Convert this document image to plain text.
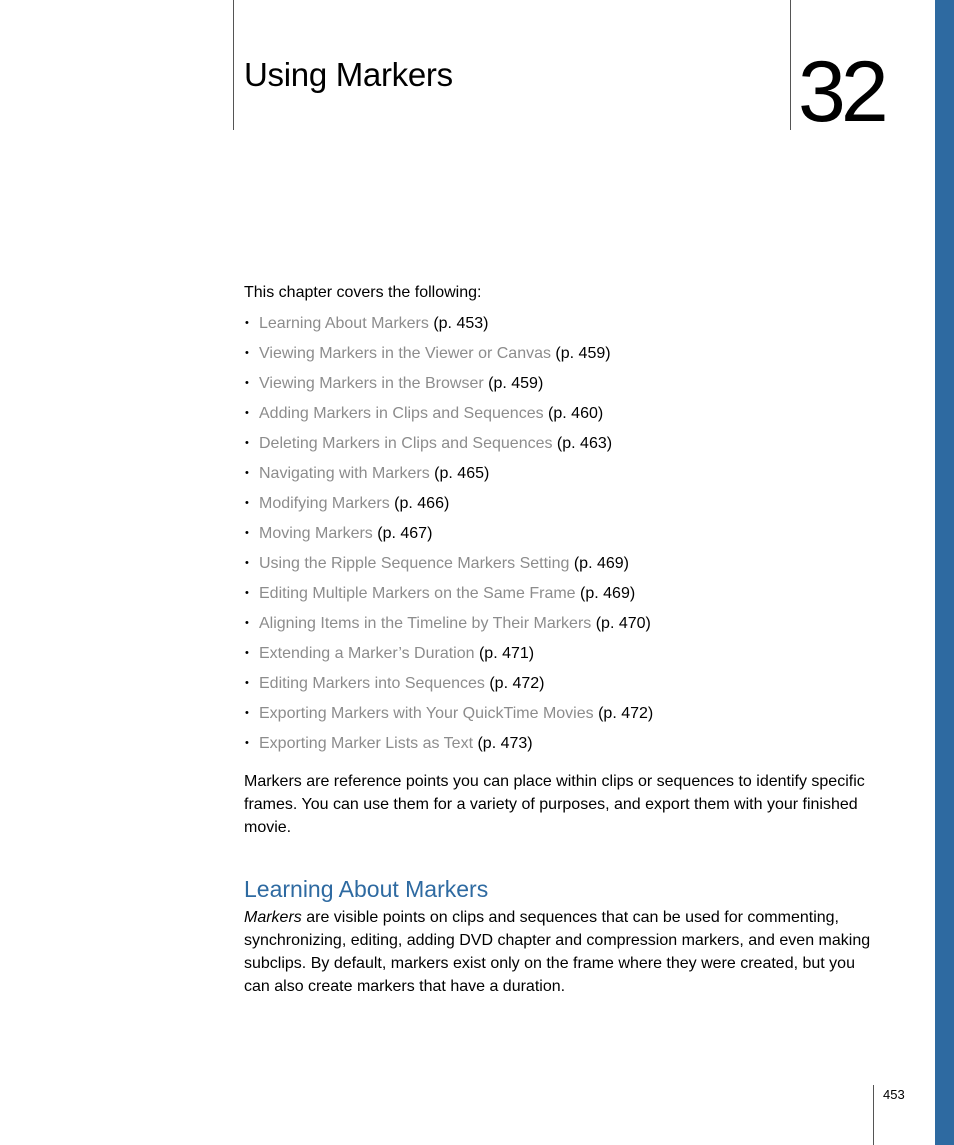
Using Markers	32

This chapter covers the following:

• Learning About Markers (p. 453)
• Viewing Markers in the Viewer or Canvas (p. 459)
• Viewing Markers in the Browser (p. 459)
• Adding Markers in Clips and Sequences (p. 460)
• Deleting Markers in Clips and Sequences (p. 463)
• Navigating with Markers (p. 465)
• Modifying Markers (p. 466)
• Moving Markers (p. 467)
• Using the Ripple Sequence Markers Setting (p. 469)
• Editing Multiple Markers on the Same Frame (p. 469)
• Aligning Items in the Timeline by Their Markers (p. 470)
• Extending a Marker’s Duration (p. 471)
• Editing Markers into Sequences (p. 472)
• Exporting Markers with Your QuickTime Movies (p. 472)
• Exporting Marker Lists as Text (p. 473)

Markers are reference points you can place within clips or sequences to identify specific frames. You can use them for a variety of purposes, and export them with your finished movie.

Learning About Markers

Markers are visible points on clips and sequences that can be used for commenting, synchronizing, editing, adding DVD chapter and compression markers, and even making subclips. By default, markers exist only on the frame where they were created, but you can also create markers that have a duration.

453
